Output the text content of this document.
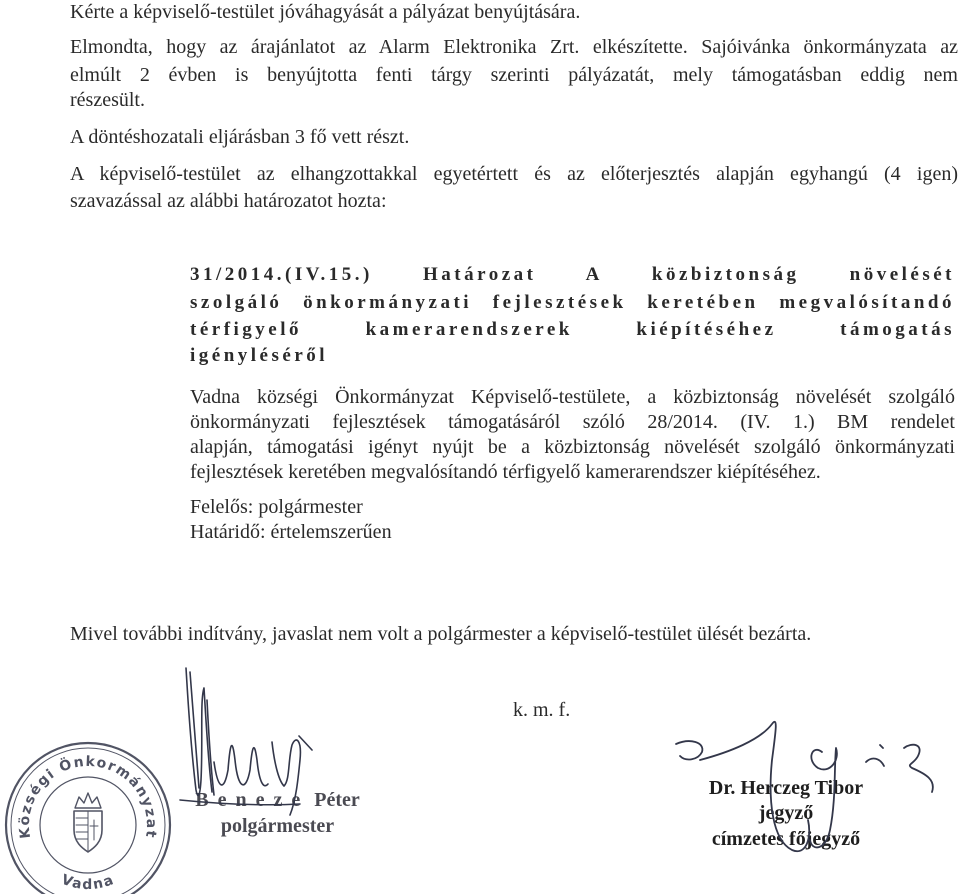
Kérte a képviselő-testület jóváhagyását a pályázat benyújtására.
Elmondta, hogy az árajánlatot az Alarm Elektronika Zrt. elkészítette. Sajóivánka önkormányzata az
elmúlt 2 évben is benyújtotta fenti tárgy szerinti pályázatát, mely támogatásban eddig nem
részesült.
A döntéshozatali eljárásban 3 fő vett részt.
A képviselő-testület az elhangzottakkal egyetértett és az előterjesztés alapján egyhangú (4 igen)
szavazással az alábbi határozatot hozta:
31/2014.(IV.15.) Határozat A közbiztonság növelését
szolgáló önkormányzati fejlesztések keretében megvalósítandó
térfigyelő kamerarendszerek kiépítéséhez támogatás
igényléséről
Vadna községi Önkormányzat Képviselő-testülete, a közbiztonság növelését szolgáló
önkormányzati fejlesztések támogatásáról szóló 28/2014. (IV. 1.) BM rendelet
alapján, támogatási igényt nyújt be a közbiztonság növelését szolgáló önkormányzati
fejlesztések keretében megvalósítandó térfigyelő kamerarendszer kiépítéséhez.
Felelős: polgármester
Határidő: értelemszerűen
Mivel további indítvány, javaslat nem volt a polgármester a képviselő-testület ülését bezárta.
k. m. f.
Beneze Péter
polgármester
Dr. Herczeg Tibor
jegyző
címzetes főjegyző
Községi Önkormányzat
Vadna
